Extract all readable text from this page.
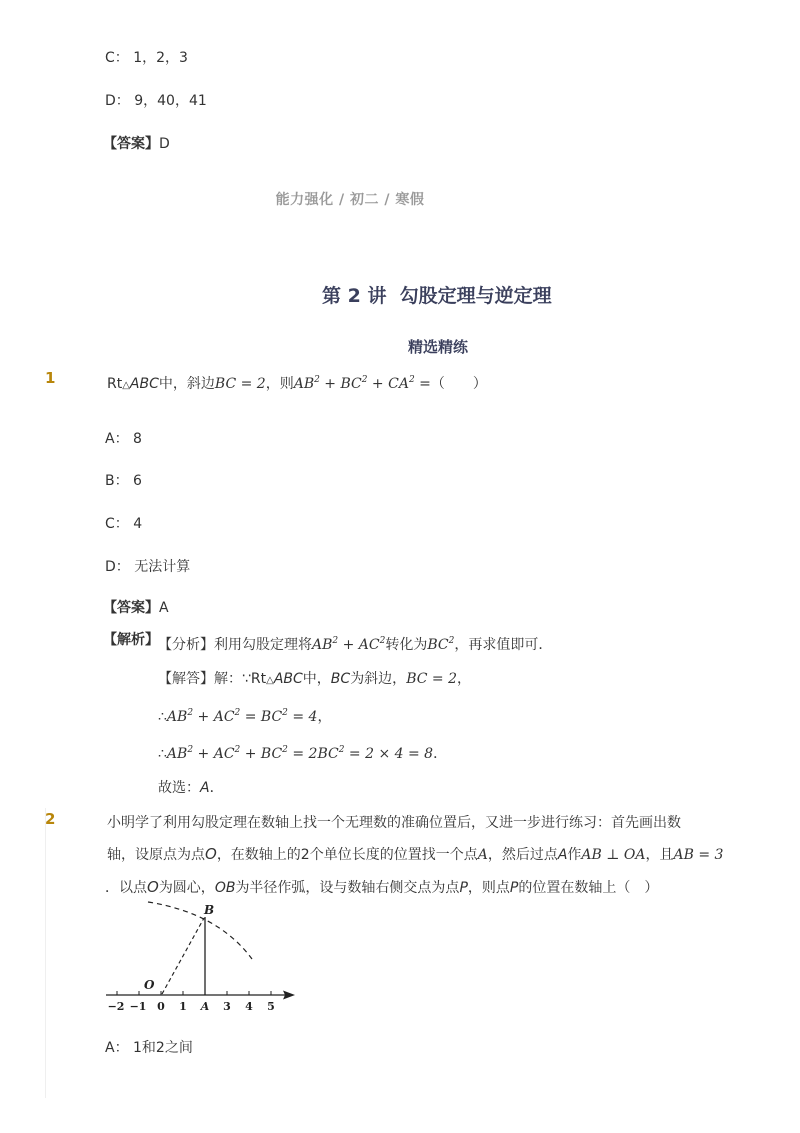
C： 1，2，3
D： 9，40，41
【答案】D
能力强化 / 初二 / 寒假
第 2 讲  勾股定理与逆定理
精选精练
1	Rt△ABC中，斜边BC = 2，则$AB^2 + BC^2 + CA^2$ =（　　）
A： 8
B： 6
C： 4
D： 无法计算
【答案】A
【解析】 【分析】利用勾股定理将$AB^2 + AC^2$转化为$BC^2$，再求值即可．
【解答】解：∵Rt△ABC中，BC为斜边，BC = 2，
$\therefore AB^2 + AC^2 = BC^2 = 4$，
$\therefore AB^2 + AC^2 + BC^2 = 2BC^2 = 2 \times 4 = 8$．
故选：A．
2	小明学了利用勾股定理在数轴上找一个无理数的准确位置后，又进一步进行练习：首先画出数
轴，设原点为点O，在数轴上的2个单位长度的位置找一个点A，然后过点A作AB ⊥ OA，且AB = 3
．以点O为圆心，OB为半径作弧，设与数轴右侧交点为点P，则点P的位置在数轴上（　）
B
O
−2 −1 0 1 A 3 4 5
A： 1和2之间
